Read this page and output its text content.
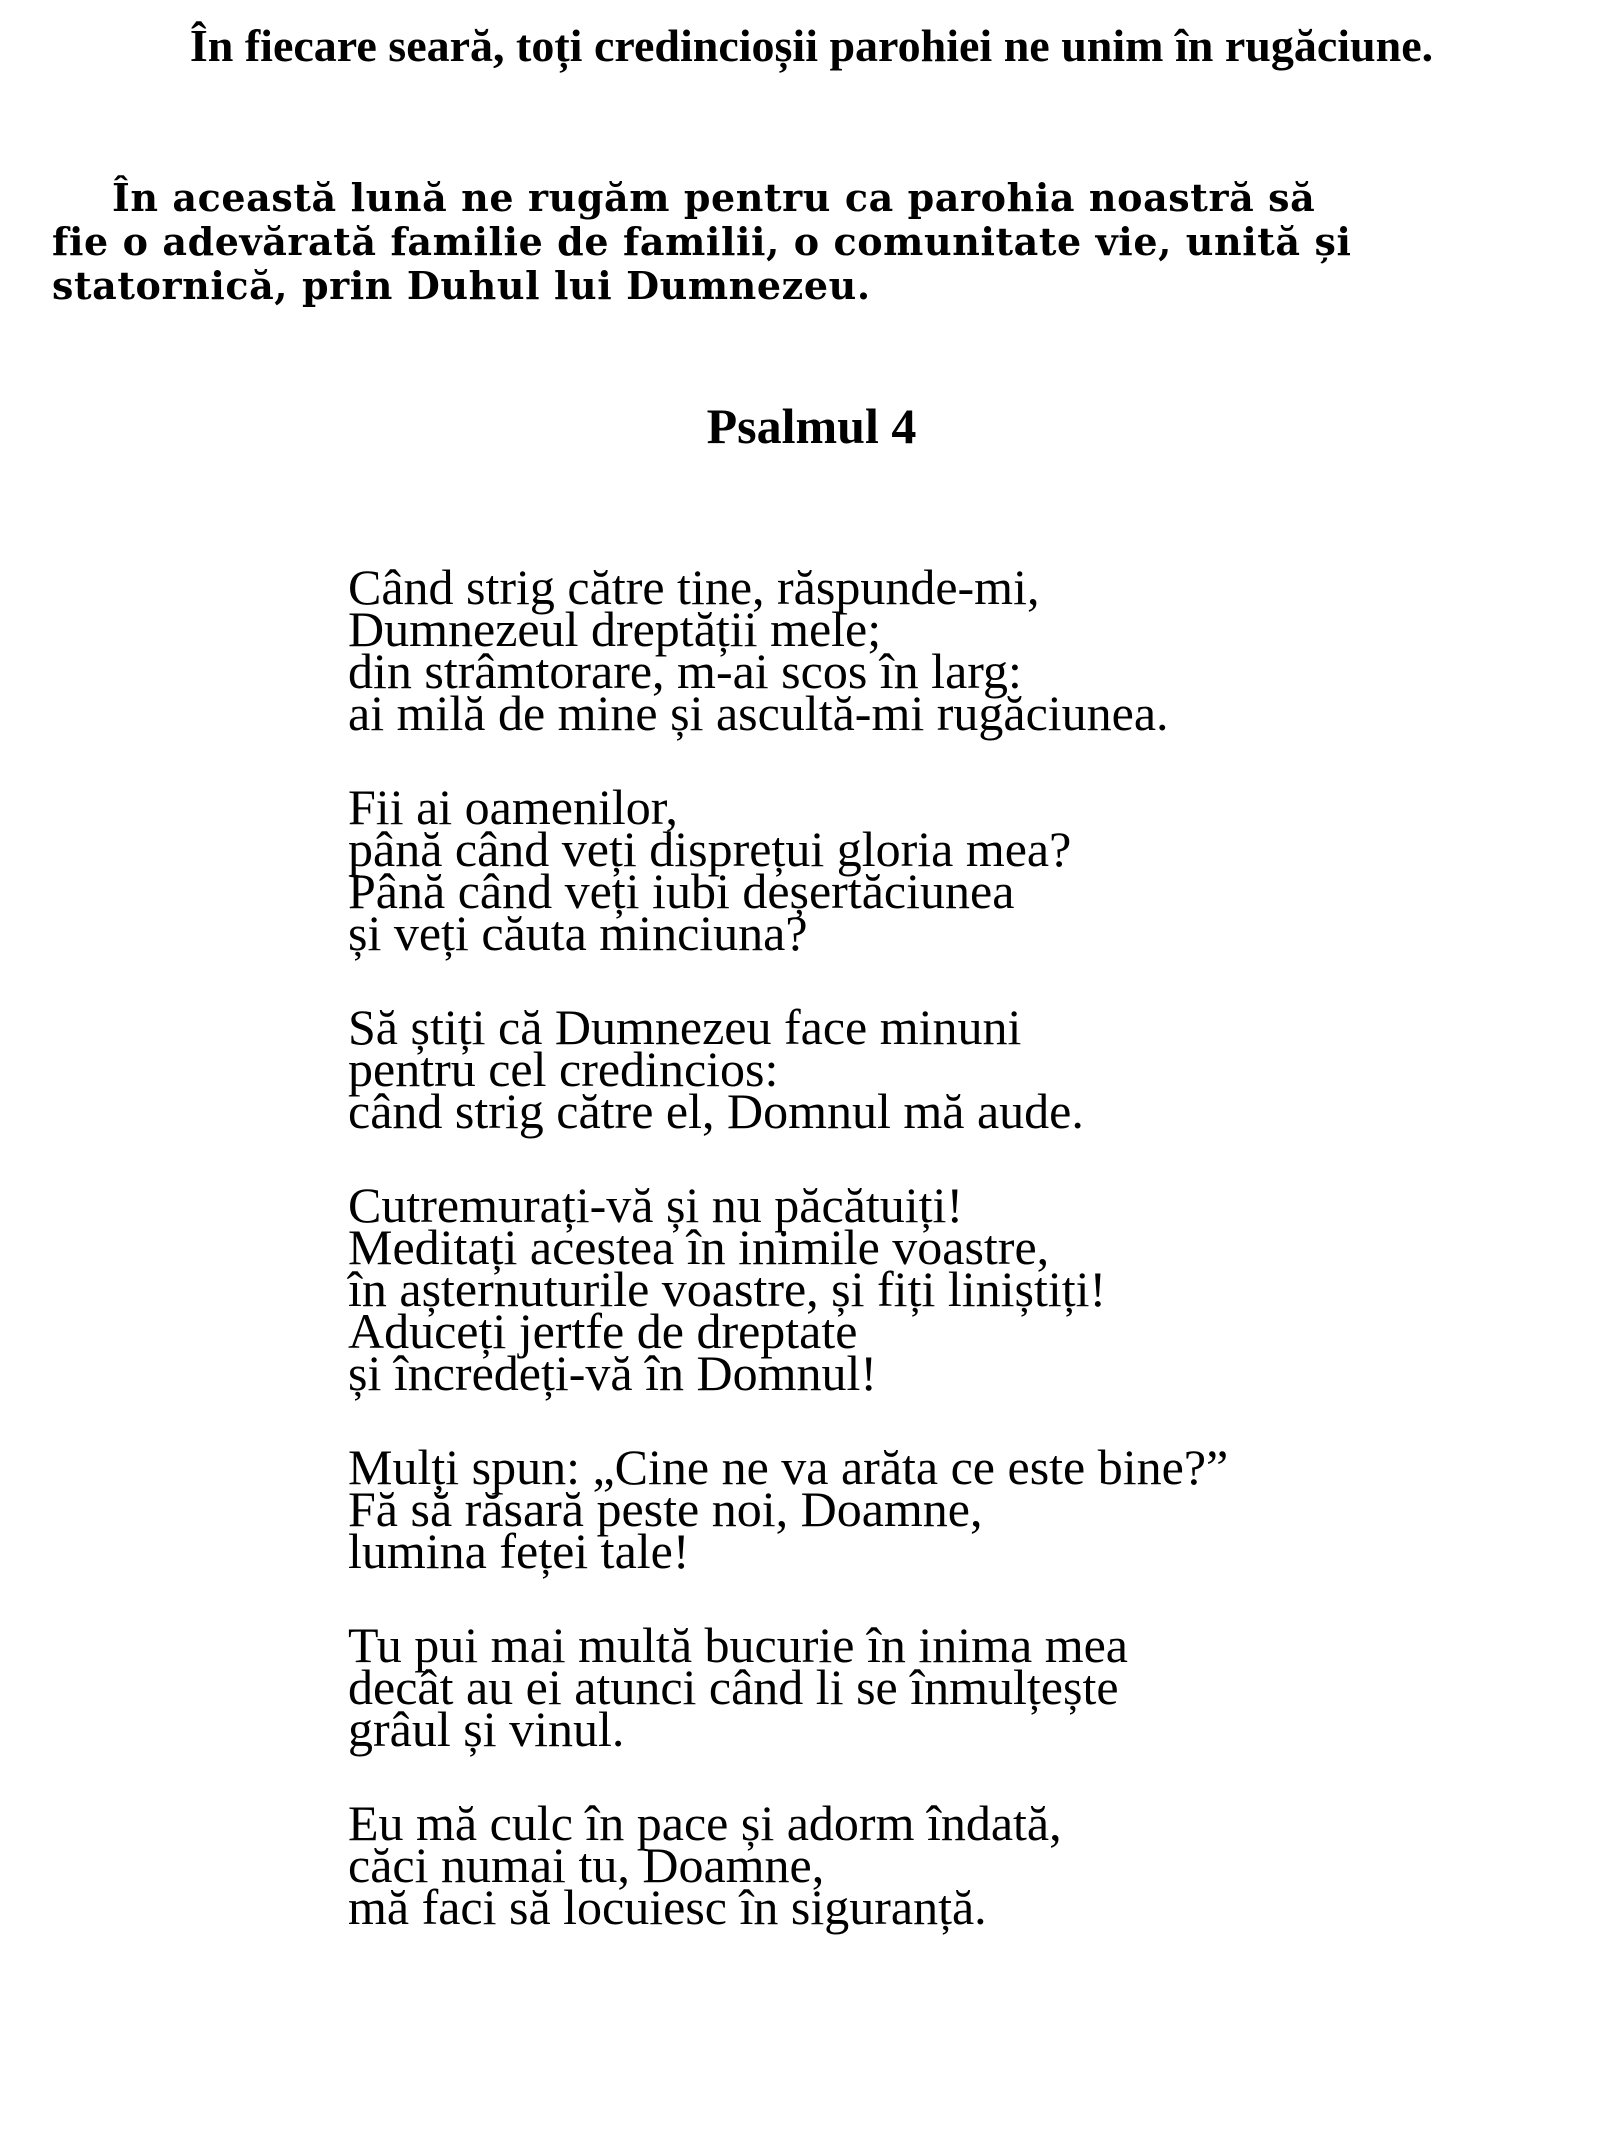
În fiecare seară, toți credincioșii parohiei ne unim în rugăciune.
În această lună ne rugăm pentru ca parohia noastră să
fie o adevărată familie de familii, o comunitate vie, unită și
statornică, prin Duhul lui Dumnezeu.
Psalmul 4
Când strig către tine, răspunde-mi,
Dumnezeul dreptății mele;
din strâmtorare, m-ai scos în larg:
ai milă de mine și ascultă-mi rugăciunea.
Fii ai oamenilor,
până când veți disprețui gloria mea?
Până când veți iubi deșertăciunea
și veți căuta minciuna?
Să știți că Dumnezeu face minuni
pentru cel credincios:
când strig către el, Domnul mă aude.
Cutremurați-vă și nu păcătuiți!
Meditați acestea în inimile voastre,
în așternuturile voastre, și fiți liniștiți!
Aduceți jertfe de dreptate
și încredeți-vă în Domnul!
Mulți spun: „Cine ne va arăta ce este bine?”
Fă să răsară peste noi, Doamne,
lumina feței tale!
Tu pui mai multă bucurie în inima mea
decât au ei atunci când li se înmulțește
grâul și vinul.
Eu mă culc în pace și adorm îndată,
căci numai tu, Doamne,
mă faci să locuiesc în siguranță.
